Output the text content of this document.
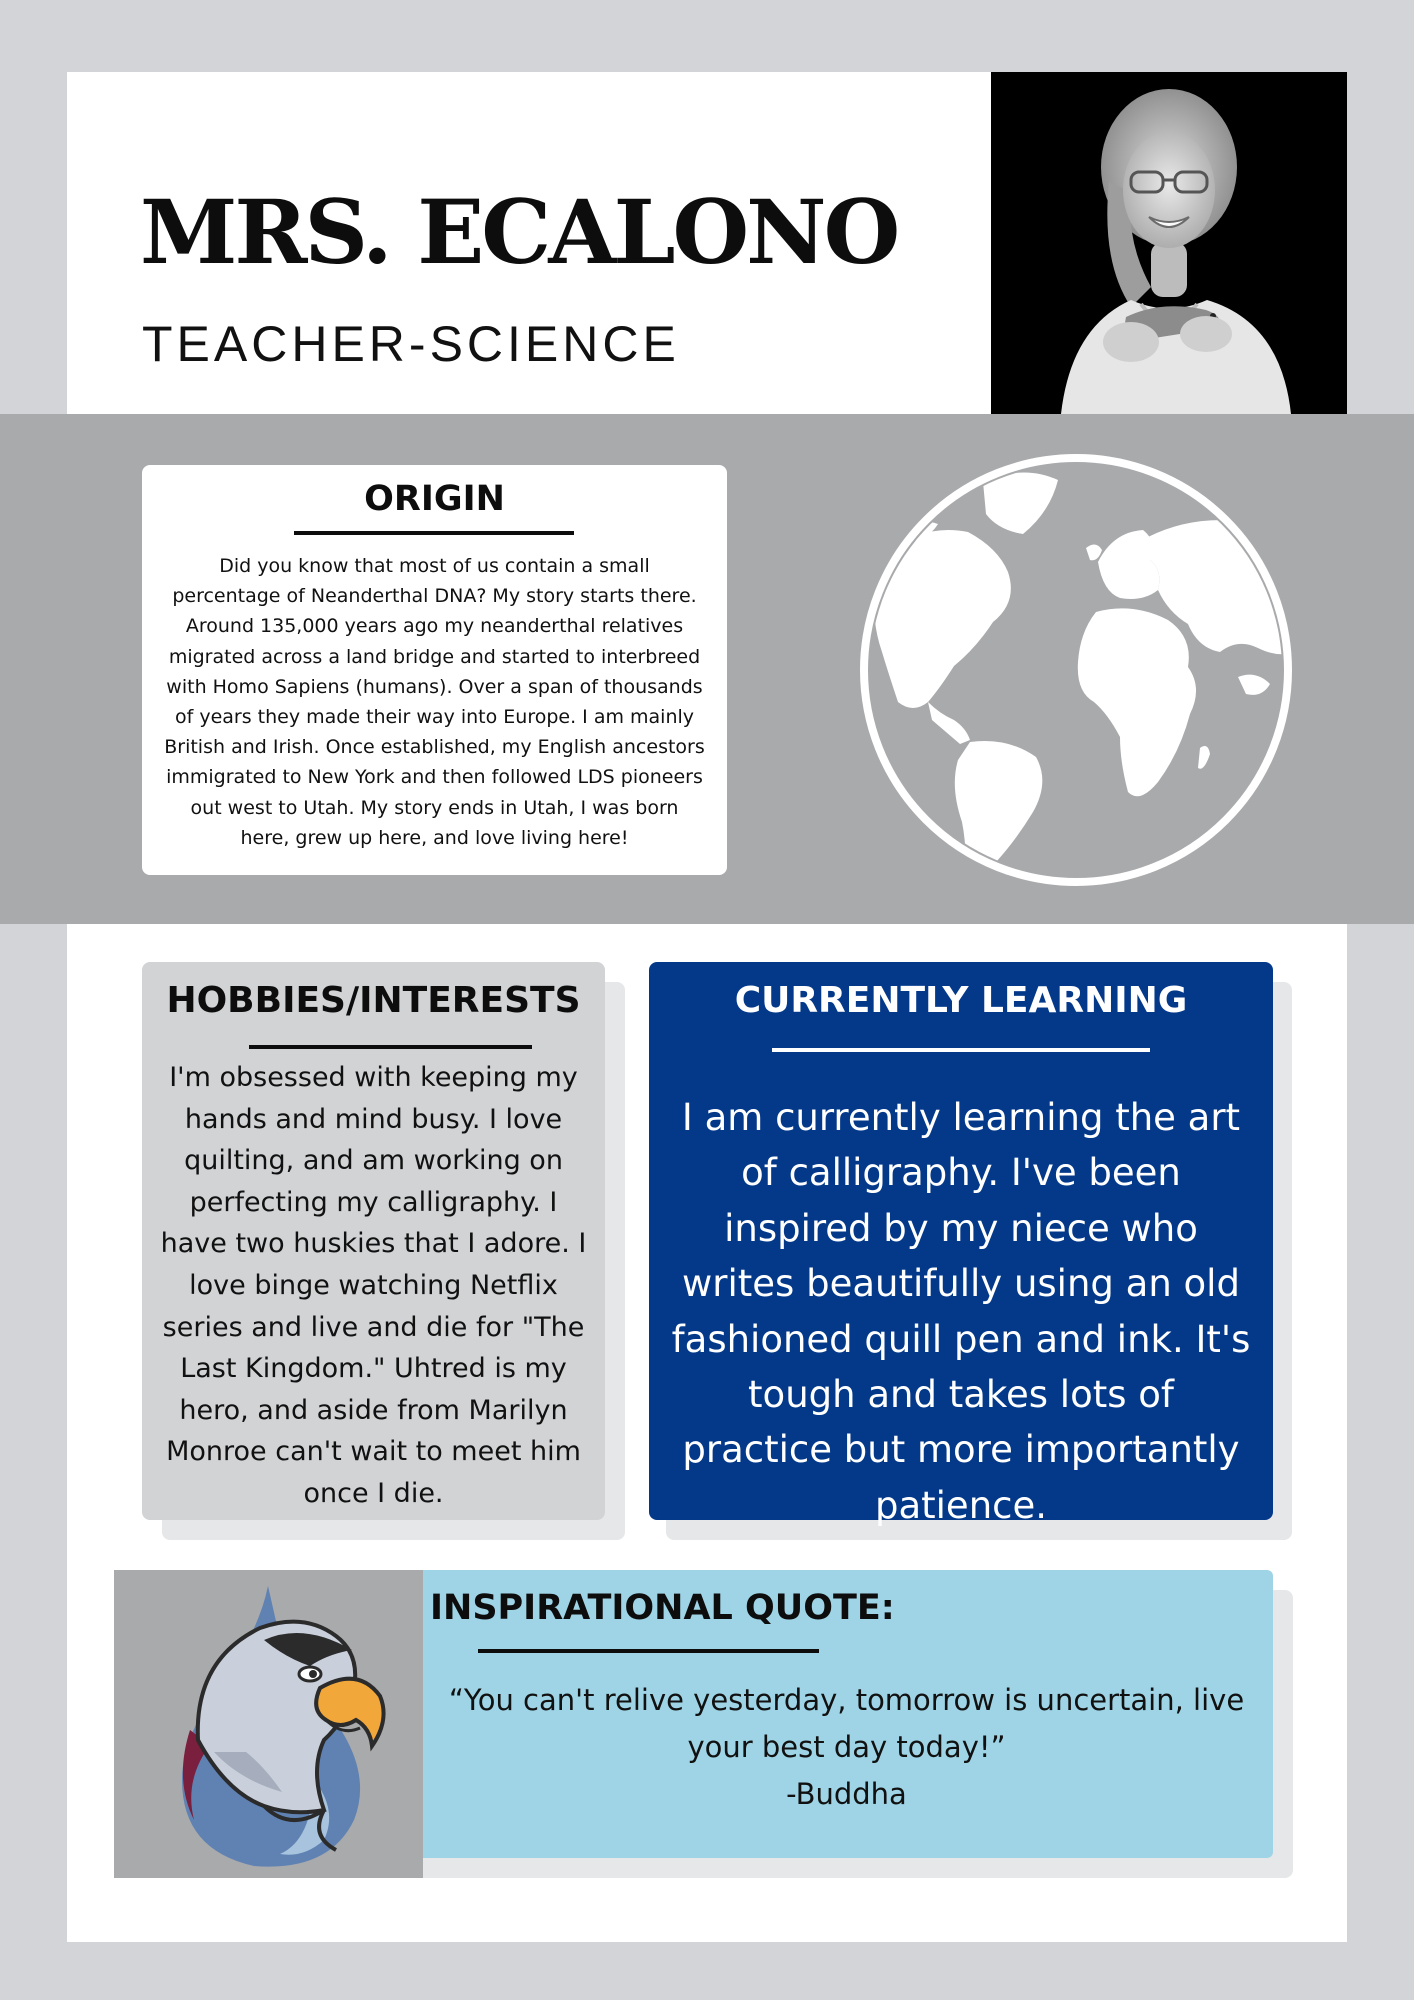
MRS. ECALONO

TEACHER-SCIENCE

ORIGIN

Did you know that most of us contain a small percentage of Neanderthal DNA? My story starts there. Around 135,000 years ago my neanderthal relatives migrated across a land bridge and started to interbreed with Homo Sapiens (humans). Over a span of thousands of years they made their way into Europe. I am mainly British and Irish. Once established, my English ancestors immigrated to New York and then followed LDS pioneers out west to Utah. My story ends in Utah, I was born here, grew up here, and love living here!

HOBBIES/INTERESTS

I'm obsessed with keeping my hands and mind busy. I love quilting, and am working on perfecting my calligraphy. I have two huskies that I adore. I love binge watching Netflix series and live and die for "The Last Kingdom." Uhtred is my hero, and aside from Marilyn Monroe can't wait to meet him once I die.

CURRENTLY LEARNING

I am currently learning the art of calligraphy. I've been inspired by my niece who writes beautifully using an old fashioned quill pen and ink. It's tough and takes lots of practice but more importantly patience.

INSPIRATIONAL QUOTE:

“You can't relive yesterday, tomorrow is uncertain, live your best day today!”

-Buddha
